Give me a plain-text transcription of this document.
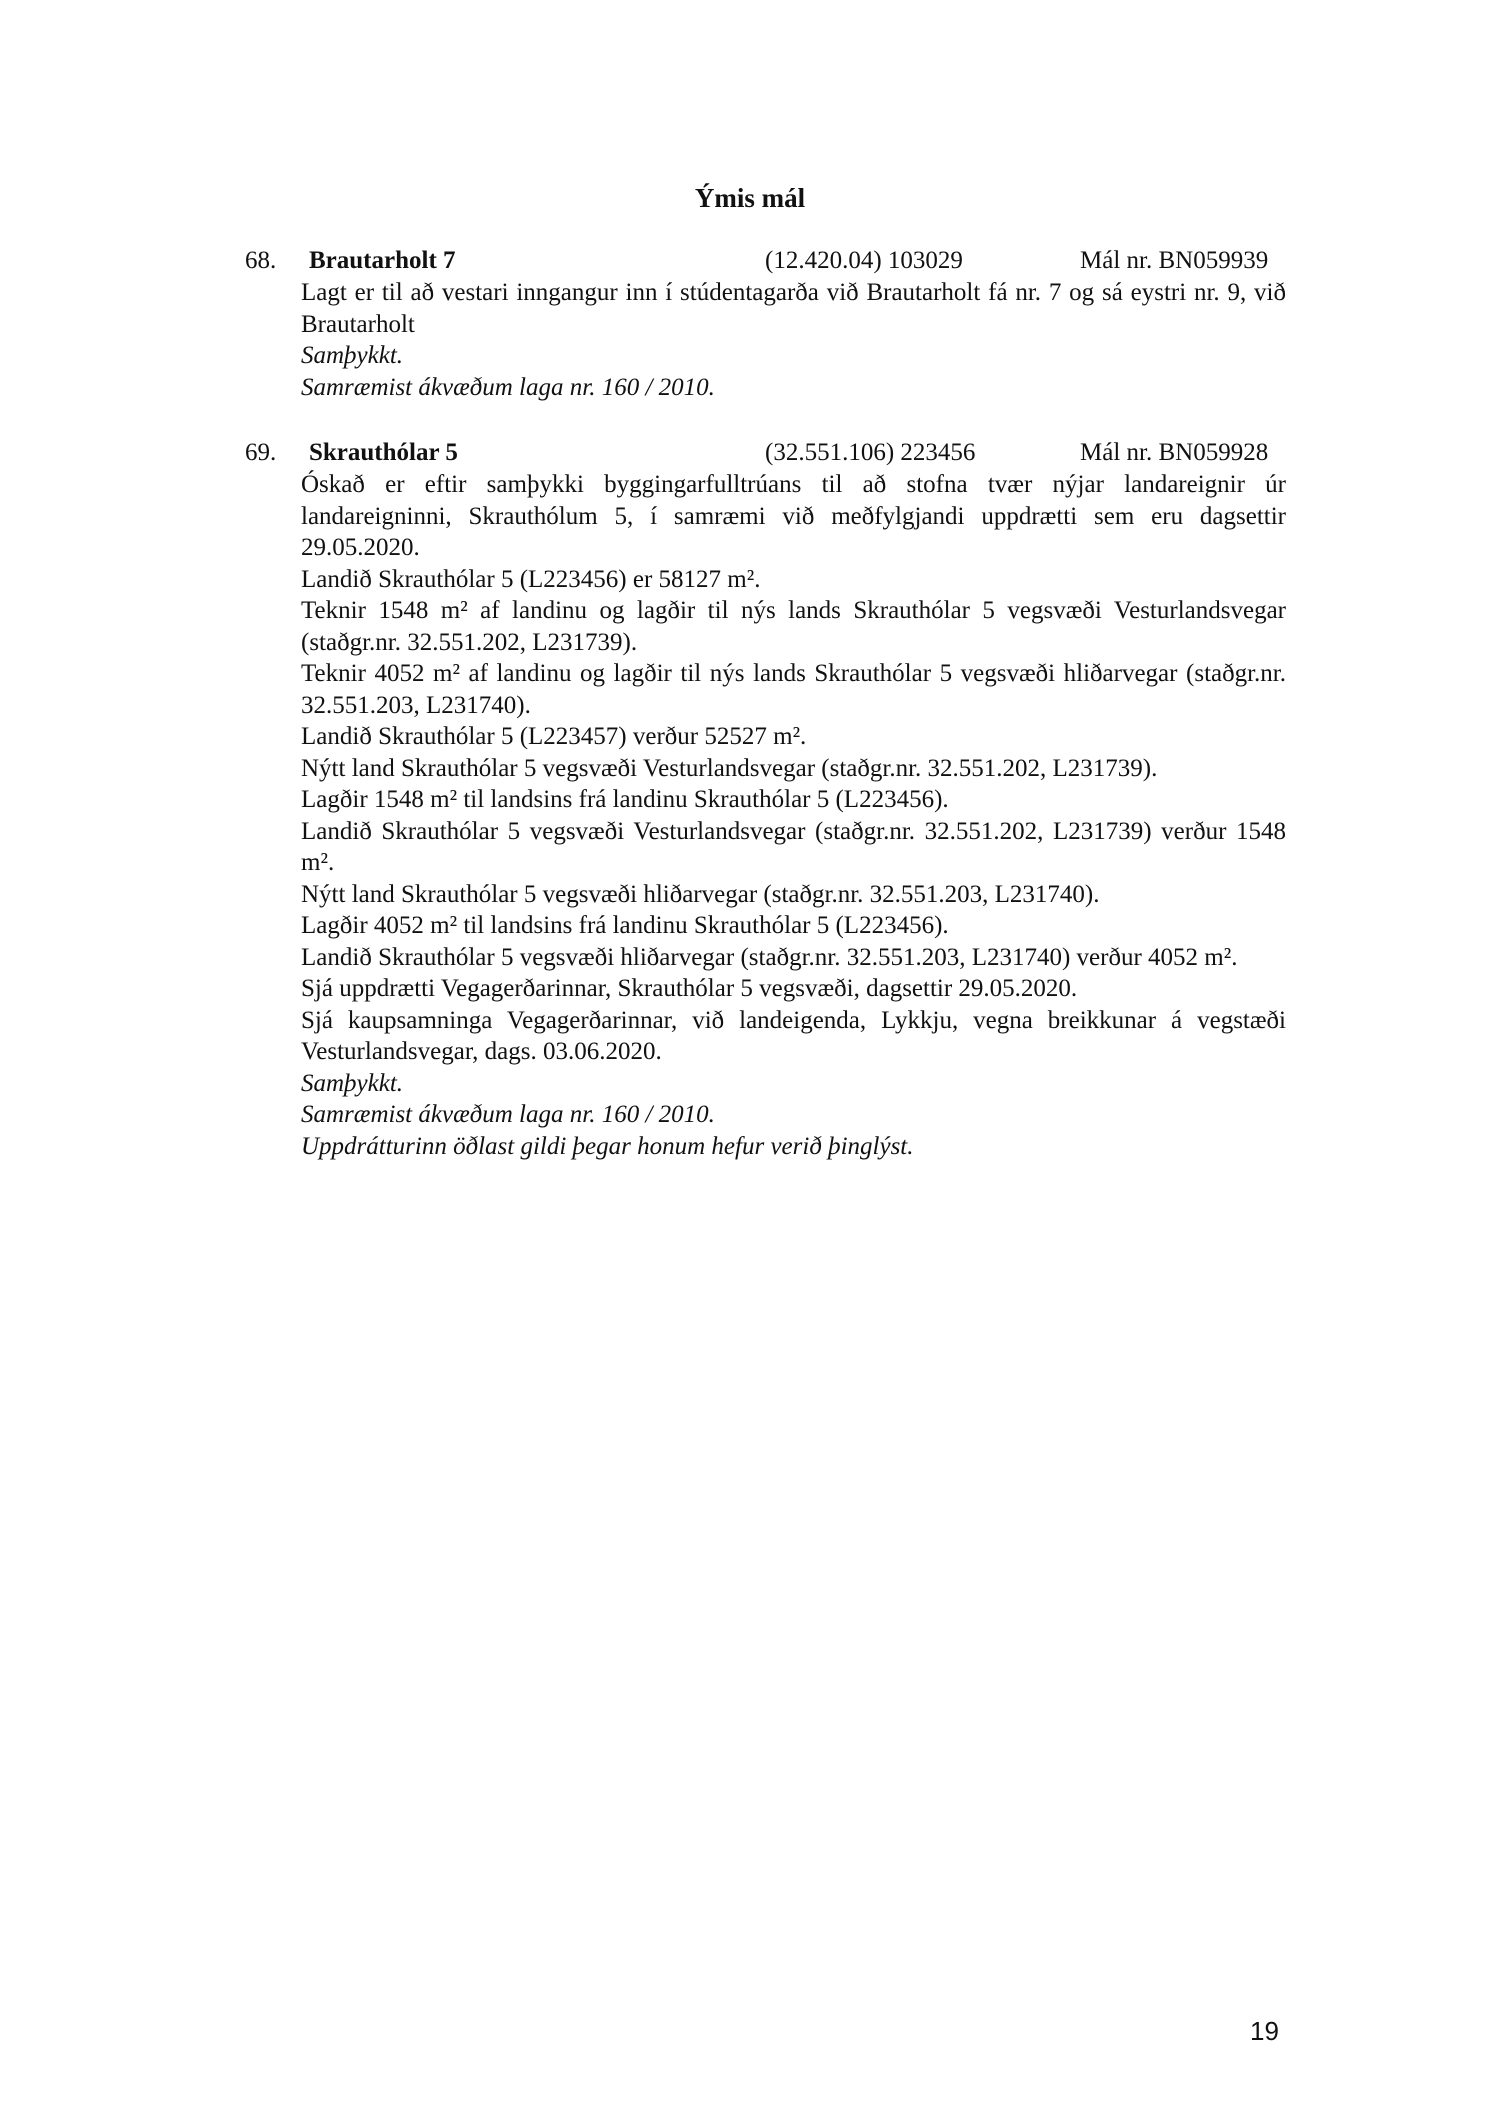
Ýmis mál
68. Brautarholt 7	(12.420.04) 103029	Mál nr. BN059939

Lagt er til að vestari inngangur inn í stúdentagarða við Brautarholt fá nr. 7 og sá eystri nr. 9, við Brautarholt

Samþykkt.

Samræmist ákvæðum laga nr. 160 / 2010.

69. Skrauthólar 5	(32.551.106) 223456	Mál nr. BN059928

Óskað er eftir samþykki byggingarfulltrúans til að stofna tvær nýjar landareignir úr landareigninni, Skrauthólum 5, í samræmi við meðfylgjandi uppdrætti sem eru dagsettir 29.05.2020.

Landið Skrauthólar 5 (L223456) er 58127 m².

Teknir 1548 m² af landinu og lagðir til nýs lands Skrauthólar 5 vegsvæði Vesturlandsvegar (staðgr.nr. 32.551.202, L231739).

Teknir 4052 m² af landinu og lagðir til nýs lands Skrauthólar 5 vegsvæði hliðarvegar (staðgr.nr. 32.551.203, L231740).

Landið Skrauthólar 5 (L223457) verður 52527 m².

Nýtt land Skrauthólar 5 vegsvæði Vesturlandsvegar (staðgr.nr. 32.551.202, L231739).

Lagðir 1548 m² til landsins frá landinu Skrauthólar 5 (L223456).

Landið Skrauthólar 5 vegsvæði Vesturlandsvegar (staðgr.nr. 32.551.202, L231739) verður 1548 m².

Nýtt land Skrauthólar 5 vegsvæði hliðarvegar (staðgr.nr. 32.551.203, L231740).

Lagðir 4052 m² til landsins frá landinu Skrauthólar 5 (L223456).

Landið Skrauthólar 5 vegsvæði hliðarvegar (staðgr.nr. 32.551.203, L231740) verður 4052 m².

Sjá uppdrætti Vegagerðarinnar, Skrauthólar 5 vegsvæði, dagsettir 29.05.2020.

Sjá kaupsamninga Vegagerðarinnar, við landeigenda, Lykkju, vegna breikkunar á vegstæði Vesturlandsvegar, dags. 03.06.2020.

Samþykkt.

Samræmist ákvæðum laga nr. 160 / 2010.

Uppdrátturinn öðlast gildi þegar honum hefur verið þinglýst.

19
